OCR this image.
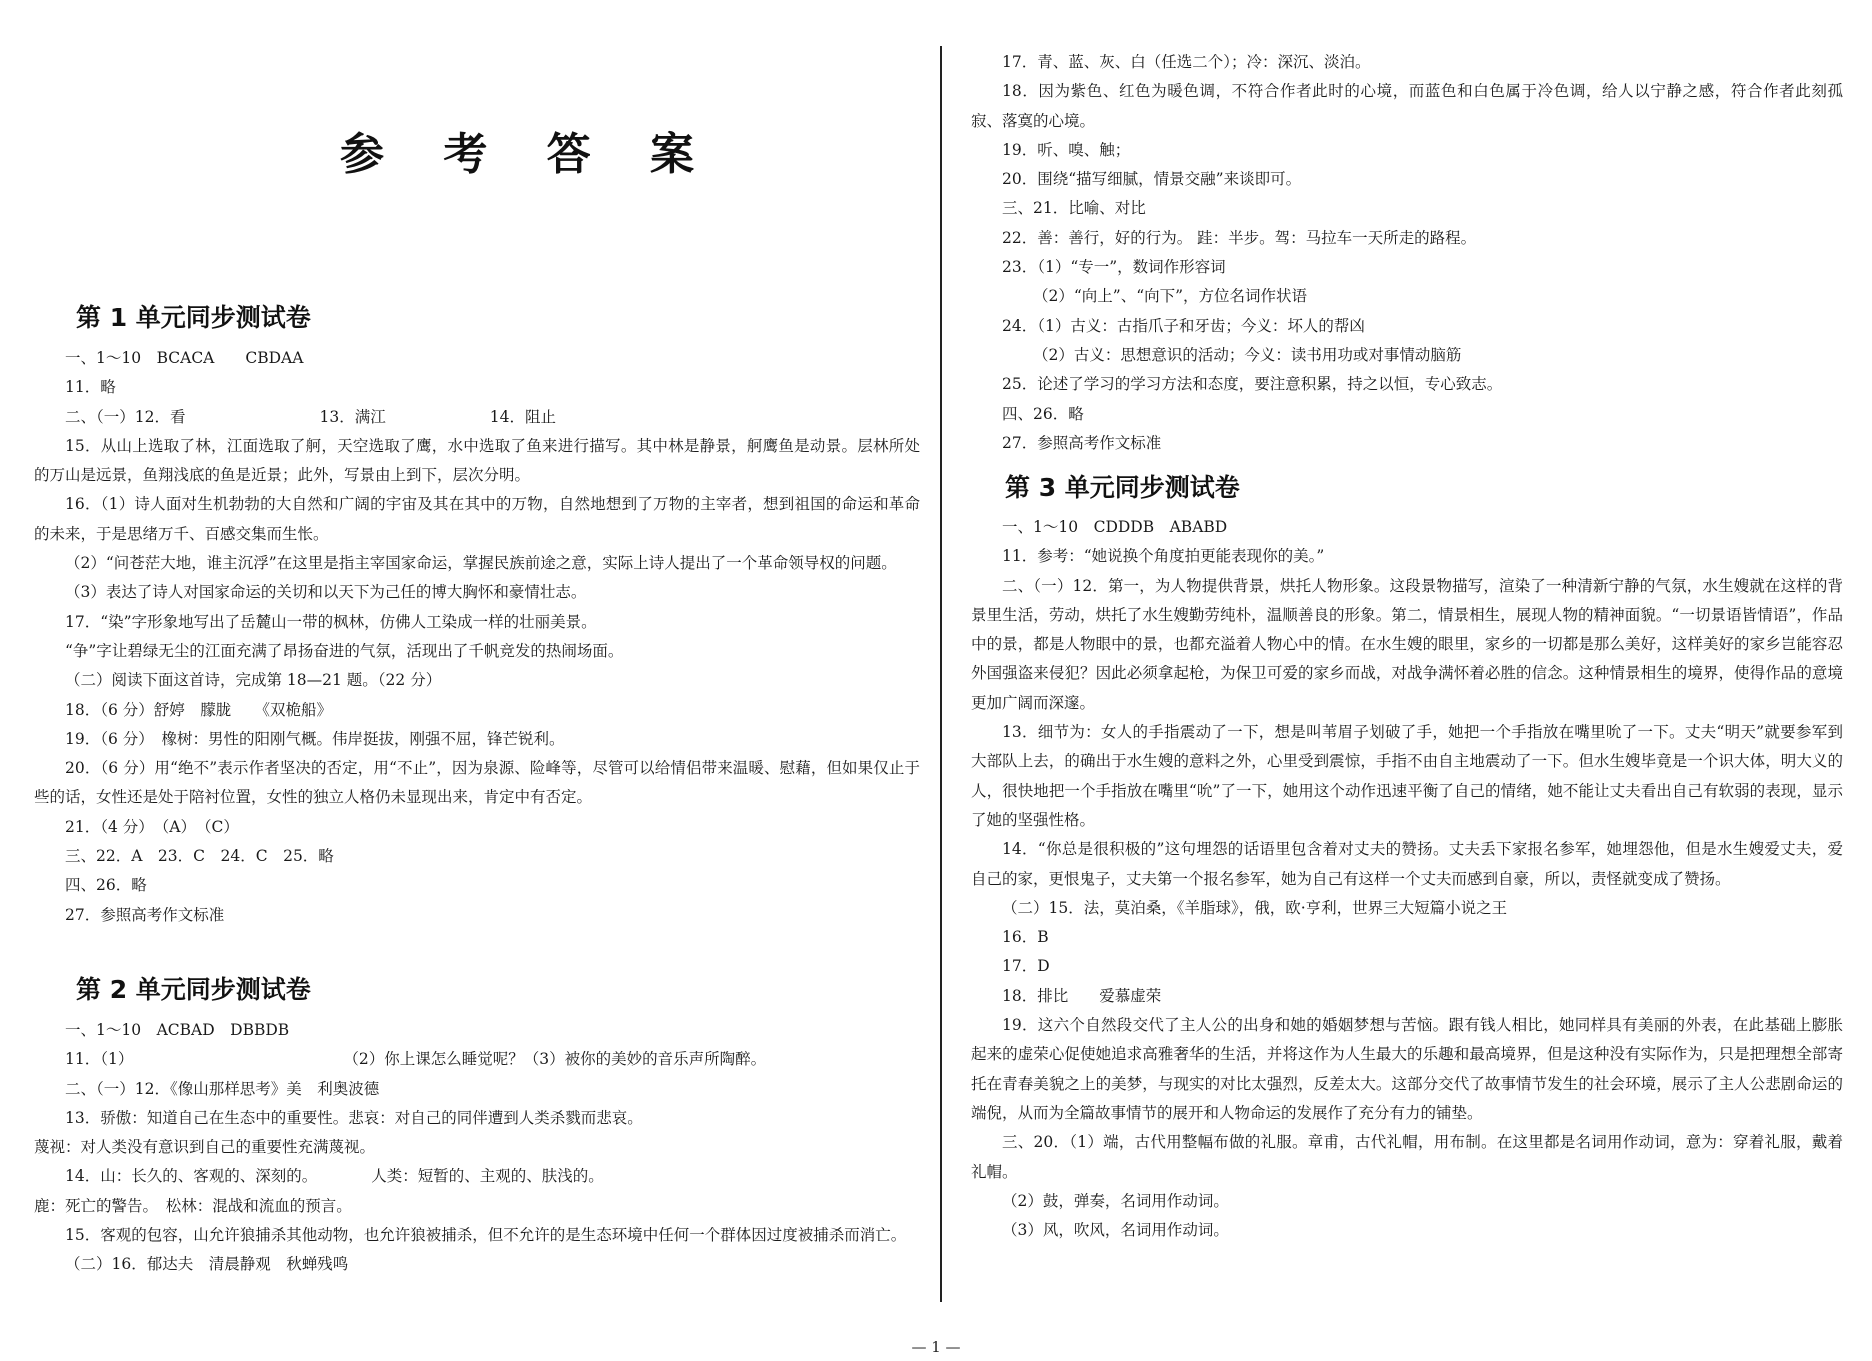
参 考 答 案
第 1 单元同步测试卷
一、1～10　BCACA　　CBDAA
11．略
二、（一）12．看	13．满江	14．阻止
15．从山上选取了林，江面选取了舸，天空选取了鹰，水中选取了鱼来进行描写。其中林是静景，舸鹰鱼是动景。层林所处的万山是远景，鱼翔浅底的鱼是近景；此外，写景由上到下，层次分明。
16．（1）诗人面对生机勃勃的大自然和广阔的宇宙及其在其中的万物，自然地想到了万物的主宰者，想到祖国的命运和革命的未来，于是思绪万千、百感交集而生怅。
（2）“问苍茫大地，谁主沉浮”在这里是指主宰国家命运，掌握民族前途之意，实际上诗人提出了一个革命领导权的问题。
（3）表达了诗人对国家命运的关切和以天下为己任的博大胸怀和豪情壮志。
17．“染”字形象地写出了岳麓山一带的枫林，仿佛人工染成一样的壮丽美景。
“争”字让碧绿无尘的江面充满了昂扬奋进的气氛，活现出了千帆竞发的热闹场面。
（二）阅读下面这首诗，完成第 18—21 题。（22 分）
18．（6 分）舒婷　朦胧　　《双桅船》
19．（6 分）　橡树：男性的阳刚气概。伟岸挺拔，刚强不屈，锋芒锐利。
20．（6 分）用“绝不”表示作者坚决的否定，用“不止”，因为泉源、险峰等，尽管可以给情侣带来温暖、慰藉，但如果仅止于些的话，女性还是处于陪衬位置，女性的独立人格仍未显现出来，肯定中有否定。
21．（4 分）　（A）　（C）
三、22．A　23．C　24．C　25．略
四、26．略
27．参照高考作文标准
第 2 单元同步测试卷
一、1～10　ACBAD　DBBDB
11．（1）	（2）你上课怎么睡觉呢？（3）被你的美妙的音乐声所陶醉。
二、（一）12．《像山那样思考》美　利奥波德
13．骄傲：知道自己在生态中的重要性。悲哀：对自己的同伴遭到人类杀戮而悲哀。
蔑视：对人类没有意识到自己的重要性充满蔑视。
14．山：长久的、客观的、深刻的。	人类：短暂的、主观的、肤浅的。
鹿：死亡的警告。　松林：混战和流血的预言。
15．客观的包容，山允许狼捕杀其他动物，也允许狼被捕杀，但不允许的是生态环境中任何一个群体因过度被捕杀而消亡。
（二）16．郁达夫　清晨静观　秋蝉残鸣
17．青、蓝、灰、白（任选二个）；冷：深沉、淡泊。
18．因为紫色、红色为暖色调，不符合作者此时的心境，而蓝色和白色属于冷色调，给人以宁静之感，符合作者此刻孤寂、落寞的心境。
19．听、嗅、触；
20．围绕“描写细腻，情景交融”来谈即可。
三、21．比喻、对比
22．善：善行，好的行为。 跬：半步。驾：马拉车一天所走的路程。
23．（1）“专一”，数词作形容词
（2）“向上”、“向下”，方位名词作状语
24．（1）古义：古指爪子和牙齿；今义：坏人的帮凶
（2）古义：思想意识的活动；今义：读书用功或对事情动脑筋
25．论述了学习的学习方法和态度，要注意积累，持之以恒，专心致志。
四、26．略
27．参照高考作文标准
第 3 单元同步测试卷
一、1～10　CDDDB　ABABD
11．参考：“她说换个角度拍更能表现你的美。”
二、（一）12．第一，为人物提供背景，烘托人物形象。这段景物描写，渲染了一种清新宁静的气氛，水生嫂就在这样的背景里生活，劳动，烘托了水生嫂勤劳纯朴，温顺善良的形象。第二，情景相生，展现人物的精神面貌。“一切景语皆情语”，作品中的景，都是人物眼中的景，也都充溢着人物心中的情。在水生嫂的眼里，家乡的一切都是那么美好，这样美好的家乡岂能容忍外国强盗来侵犯？因此必须拿起枪，为保卫可爱的家乡而战，对战争满怀着必胜的信念。这种情景相生的境界，使得作品的意境更加广阔而深邃。
13．细节为：女人的手指震动了一下，想是叫苇眉子划破了手，她把一个手指放在嘴里吮了一下。丈夫“明天”就要参军到大部队上去，的确出于水生嫂的意料之外，心里受到震惊，手指不由自主地震动了一下。但水生嫂毕竟是一个识大体，明大义的人，很快地把一个手指放在嘴里“吮”了一下，她用这个动作迅速平衡了自己的情绪，她不能让丈夫看出自己有软弱的表现，显示了她的坚强性格。
14．“你总是很积极的”这句埋怨的话语里包含着对丈夫的赞扬。丈夫丢下家报名参军，她埋怨他，但是水生嫂爱丈夫，爱自己的家，更恨鬼子，丈夫第一个报名参军，她为自己有这样一个丈夫而感到自豪，所以，责怪就变成了赞扬。
（二）15．法，莫泊桑，《羊脂球》，俄，欧·亨利，世界三大短篇小说之王
16．B
17．D
18．排比　　爱慕虚荣
19．这六个自然段交代了主人公的出身和她的婚姻梦想与苦恼。跟有钱人相比，她同样具有美丽的外表，在此基础上膨胀起来的虚荣心促使她追求高雅奢华的生活，并将这作为人生最大的乐趣和最高境界，但是这种没有实际作为，只是把理想全部寄托在青春美貌之上的美梦，与现实的对比太强烈，反差太大。这部分交代了故事情节发生的社会环境，展示了主人公悲剧命运的端倪，从而为全篇故事情节的展开和人物命运的发展作了充分有力的铺垫。
三、20．（1）端，古代用整幅布做的礼服。章甫，古代礼帽，用布制。在这里都是名词用作动词，意为：穿着礼服，戴着礼帽。
（2）鼓，弹奏，名词用作动词。
（3）风，吹风，名词用作动词。
— 1 —
